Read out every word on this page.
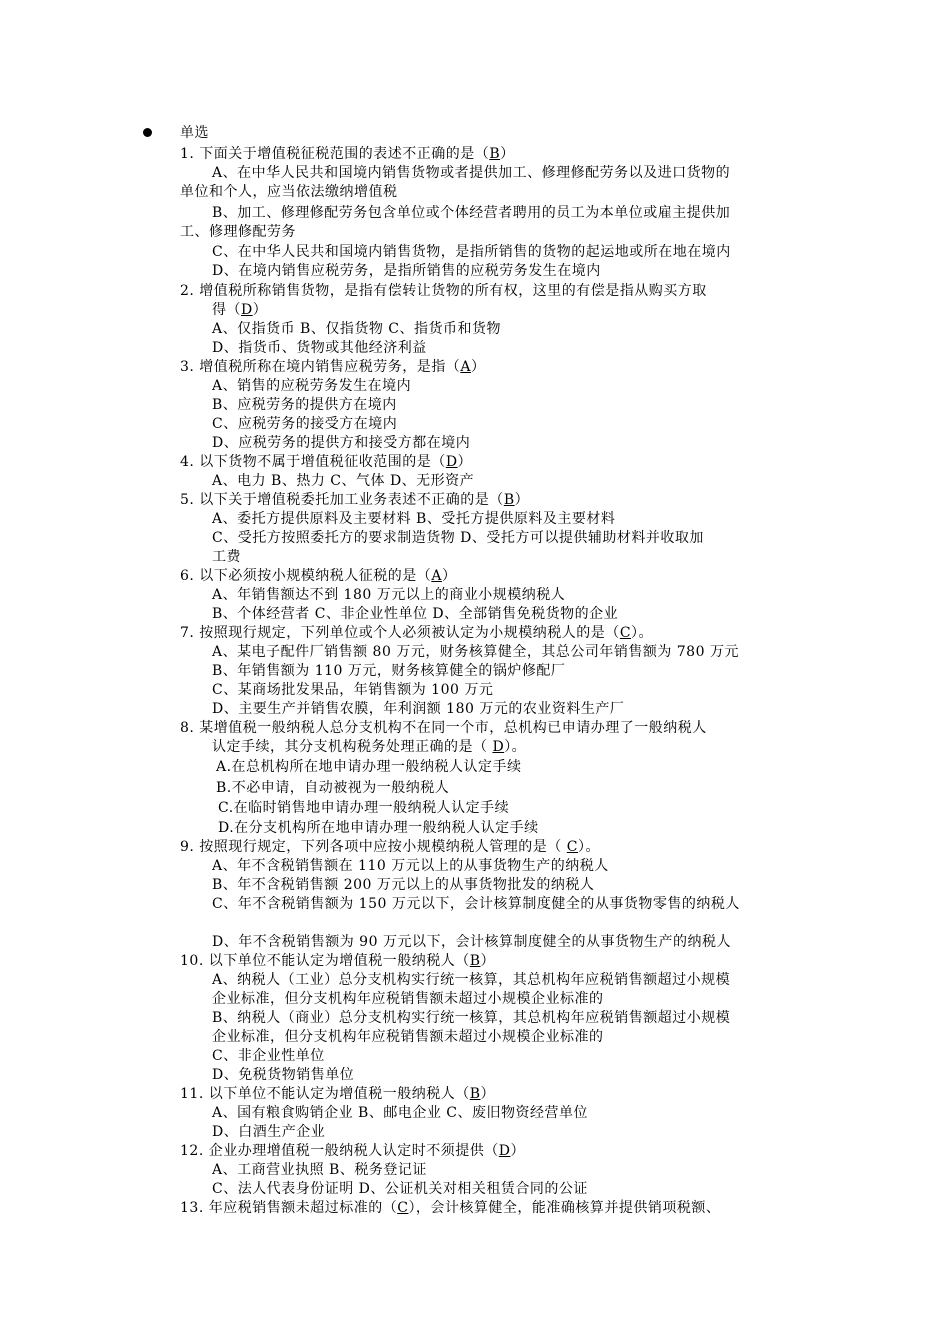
单选

1. 下面关于增值税征税范围的表述不正确的是（B）

A、在中华人民共和国境内销售货物或者提供加工、修理修配劳务以及进口货物的

单位和个人，应当依法缴纳增值税

B、加工、修理修配劳务包含单位或个体经营者聘用的员工为本单位或雇主提供加

工、修理修配劳务

C、在中华人民共和国境内销售货物，是指所销售的货物的起运地或所在地在境内

D、在境内销售应税劳务，是指所销售的应税劳务发生在境内

2. 增值税所称销售货物，是指有偿转让货物的所有权，这里的有偿是指从购买方取

得（D）

A、仅指货币 B、仅指货物 C、指货币和货物

D、指货币、货物或其他经济利益

3. 增值税所称在境内销售应税劳务，是指（A）

A、销售的应税劳务发生在境内

B、应税劳务的提供方在境内

C、应税劳务的接受方在境内

D、应税劳务的提供方和接受方都在境内

4. 以下货物不属于增值税征收范围的是（D）

A、电力 B、热力 C、气体 D、无形资产

5. 以下关于增值税委托加工业务表述不正确的是（B）

A、委托方提供原料及主要材料 B、受托方提供原料及主要材料

C、受托方按照委托方的要求制造货物 D、受托方可以提供辅助材料并收取加

工费

6. 以下必须按小规模纳税人征税的是（A）

A、年销售额达不到 180 万元以上的商业小规模纳税人

B、个体经营者 C、非企业性单位 D、全部销售免税货物的企业

7. 按照现行规定，下列单位或个人必须被认定为小规模纳税人的是（C）。

A、某电子配件厂销售额 80 万元，财务核算健全，其总公司年销售额为 780 万元

B、年销售额为 110 万元，财务核算健全的锅炉修配厂

C、某商场批发果品，年销售额为 100 万元

D、主要生产并销售农膜，年利润额 180 万元的农业资料生产厂

8. 某增值税一般纳税人总分支机构不在同一个市，总机构已申请办理了一般纳税人

认定手续，其分支机构税务处理正确的是（ D）。

A.在总机构所在地申请办理一般纳税人认定手续

B.不必申请，自动被视为一般纳税人

C.在临时销售地申请办理一般纳税人认定手续

D.在分支机构所在地申请办理一般纳税人认定手续

9. 按照现行规定，下列各项中应按小规模纳税人管理的是（ C）。

A、年不含税销售额在 110 万元以上的从事货物生产的纳税人

B、年不含税销售额 200 万元以上的从事货物批发的纳税人

C、年不含税销售额为 150 万元以下，会计核算制度健全的从事货物零售的纳税人

D、年不含税销售额为 90 万元以下，会计核算制度健全的从事货物生产的纳税人

10. 以下单位不能认定为增值税一般纳税人（B）

A、纳税人（工业）总分支机构实行统一核算，其总机构年应税销售额超过小规模

企业标准，但分支机构年应税销售额未超过小规模企业标准的

B、纳税人（商业）总分支机构实行统一核算，其总机构年应税销售额超过小规模

企业标准，但分支机构年应税销售额未超过小规模企业标准的

C、非企业性单位

D、免税货物销售单位

11. 以下单位不能认定为增值税一般纳税人（B）

A、国有粮食购销企业 B、邮电企业 C、废旧物资经营单位

D、白酒生产企业

12. 企业办理增值税一般纳税人认定时不须提供（D）

A、工商营业执照 B、税务登记证

C、法人代表身份证明 D、公证机关对相关租赁合同的公证

13. 年应税销售额未超过标准的（C），会计核算健全，能准确核算并提供销项税额、
